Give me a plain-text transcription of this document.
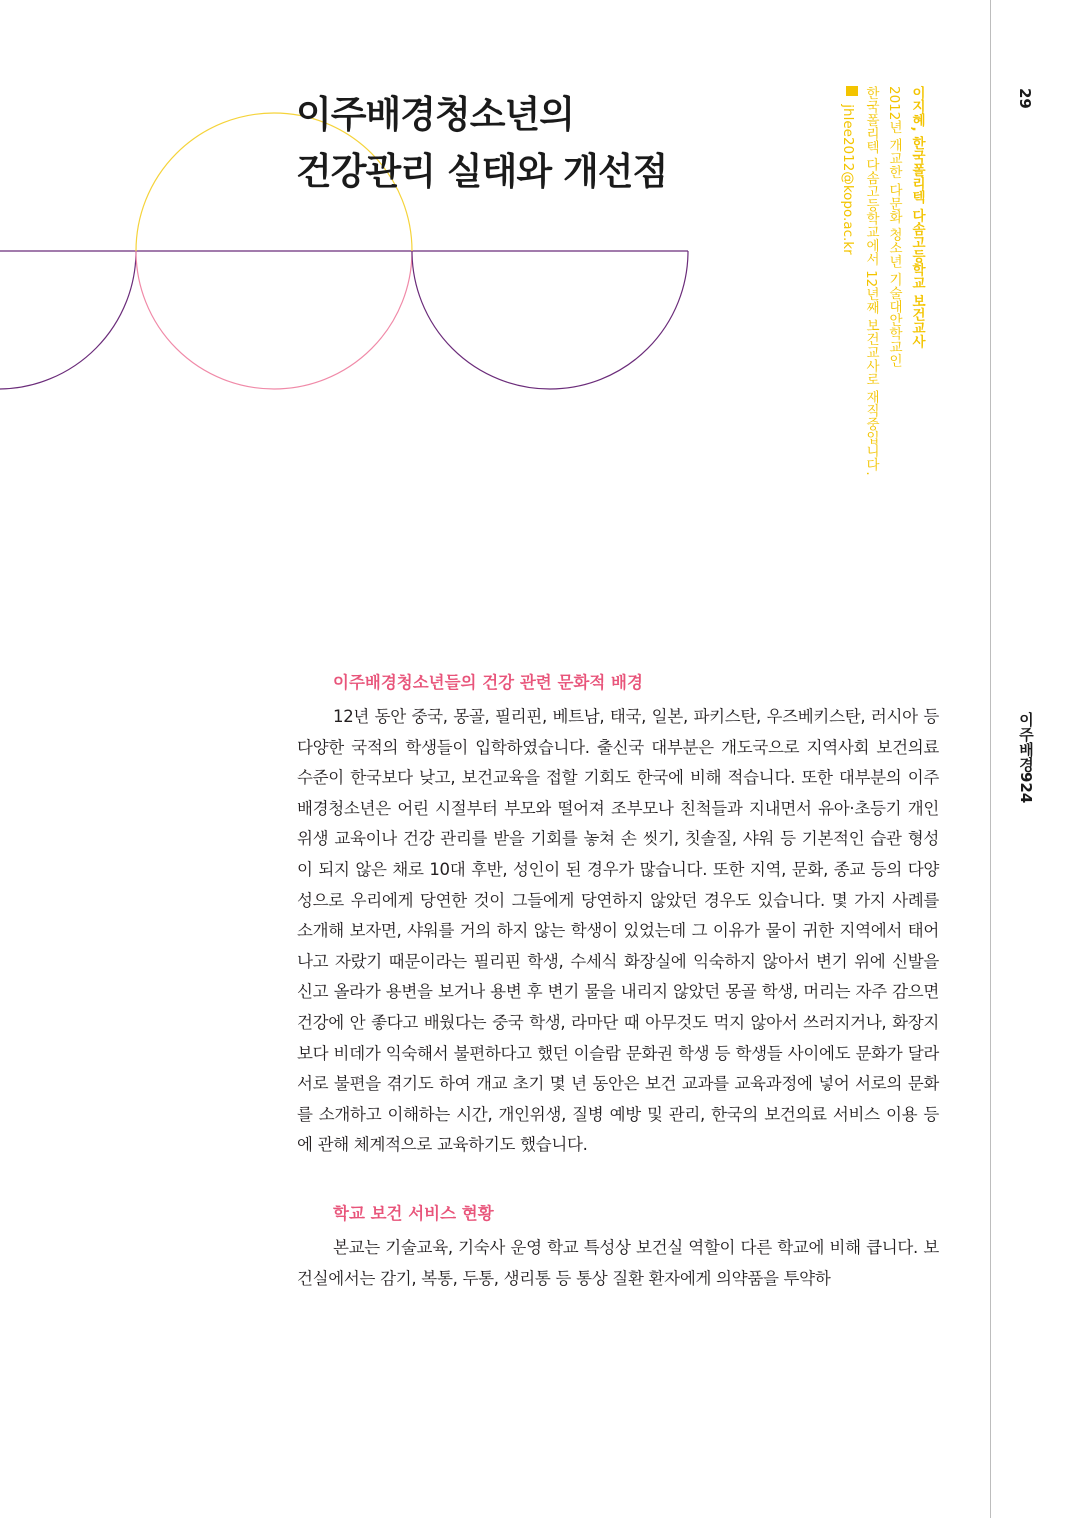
이주배경청소년의
건강관리 실태와 개선점	이지혜, 한국폴리텍 다솜고등학교 보건교사
2012년 개교한 다문화 청소년 기술대안학교인
한국폴리텍 다솜고등학교에서 12년째 보건교사로 재직중입니다.
jhlee2012@kopo.ac.kr
29
이주배경924
이주배경청소년들의 건강 관련 문화적 배경

12년 동안 중국, 몽골, 필리핀, 베트남, 태국, 일본, 파키스탄, 우즈베키스탄, 러시아 등 다양한 국적의 학생들이 입학하였습니다. 출신국 대부분은 개도국으로 지역사회 보건의료 수준이 한국보다 낮고, 보건교육을 접할 기회도 한국에 비해 적습니다. 또한 대부분의 이주배경청소년은 어린 시절부터 부모와 떨어져 조부모나 친척들과 지내면서 유아·초등기 개인위생 교육이나 건강 관리를 받을 기회를 놓쳐 손 씻기, 칫솔질, 샤워 등 기본적인 습관 형성이 되지 않은 채로 10대 후반, 성인이 된 경우가 많습니다. 또한 지역, 문화, 종교 등의 다양성으로 우리에게 당연한 것이 그들에게 당연하지 않았던 경우도 있습니다. 몇 가지 사례를 소개해 보자면, 샤워를 거의 하지 않는 학생이 있었는데 그 이유가 물이 귀한 지역에서 태어나고 자랐기 때문이라는 필리핀 학생, 수세식 화장실에 익숙하지 않아서 변기 위에 신발을 신고 올라가 용변을 보거나 용변 후 변기 물을 내리지 않았던 몽골 학생, 머리는 자주 감으면 건강에 안 좋다고 배웠다는 중국 학생, 라마단 때 아무것도 먹지 않아서 쓰러지거나, 화장지보다 비데가 익숙해서 불편하다고 했던 이슬람 문화권 학생 등 학생들 사이에도 문화가 달라 서로 불편을 겪기도 하여 개교 초기 몇 년 동안은 보건 교과를 교육과정에 넣어 서로의 문화를 소개하고 이해하는 시간, 개인위생, 질병 예방 및 관리, 한국의 보건의료 서비스 이용 등에 관해 체계적으로 교육하기도 했습니다.

학교 보건 서비스 현황

본교는 기술교육, 기숙사 운영 학교 특성상 보건실 역할이 다른 학교에 비해 큽니다. 보건실에서는 감기, 복통, 두통, 생리통 등 통상 질환 환자에게 의약품을 투약하
